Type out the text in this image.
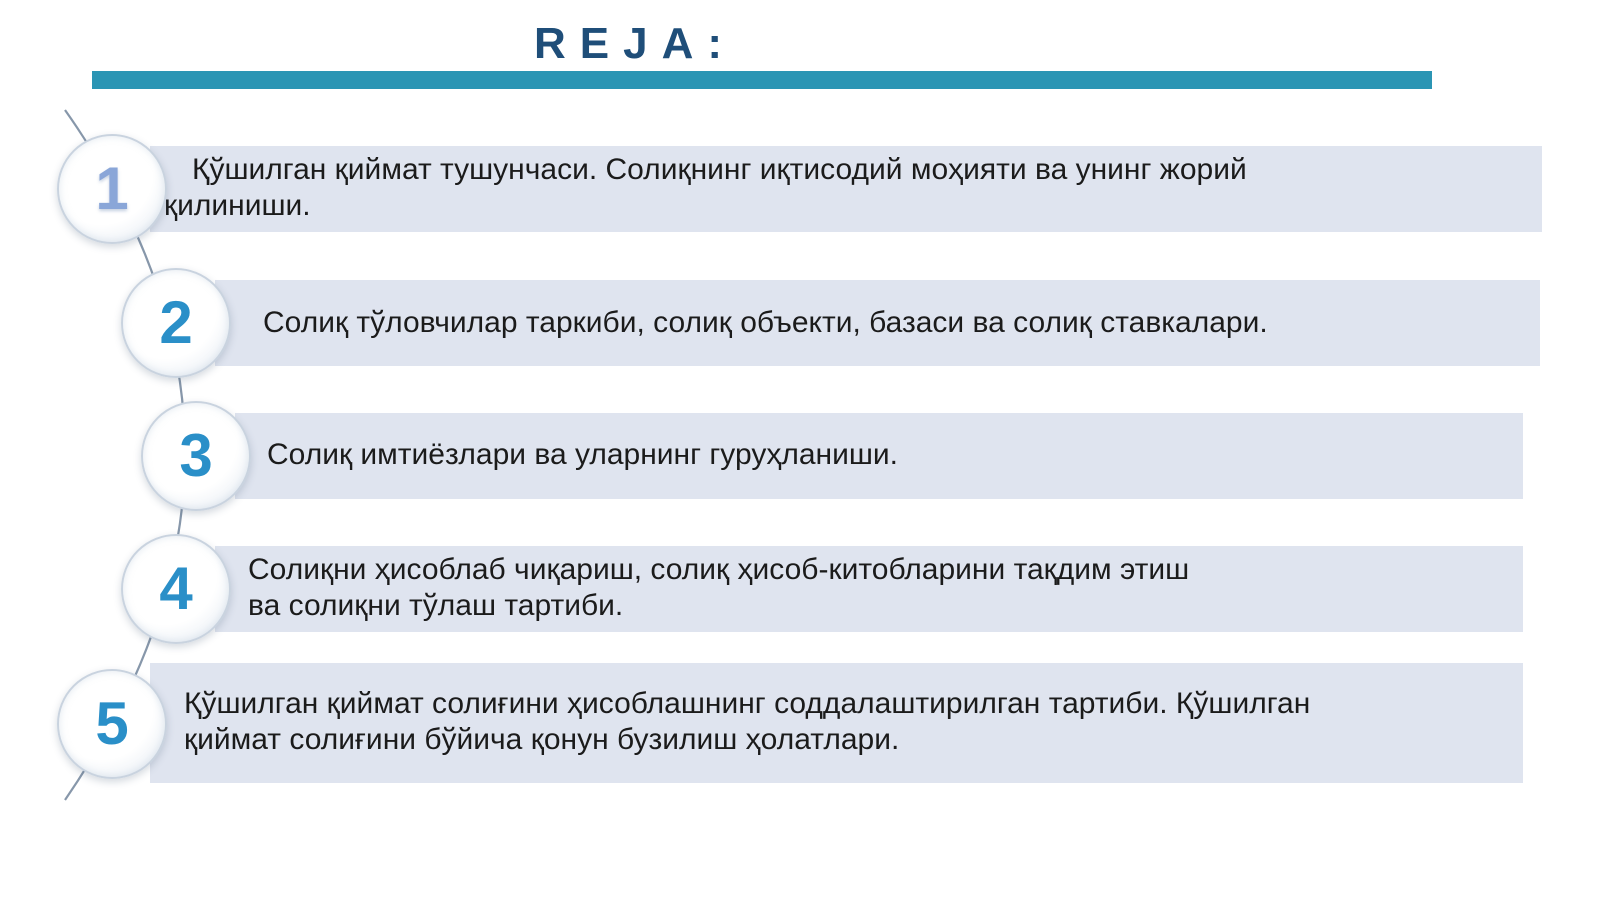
REJA:
Қўшилган қиймат тушунчаси. Солиқнинг иқтисодий моҳияти ва унинг жорий
қилиниши.
1
Солиқ тўловчилар таркиби, солиқ объекти, базаси ва солиқ ставкалари.
2
Солиқ имтиёзлари ва уларнинг гуруҳланиши.
3
Солиқни ҳисоблаб чиқариш, солиқ ҳисоб-китобларини тақдим этиш
ва солиқни тўлаш тартиби.
4
Қўшилган қиймат солиғини ҳисоблашнинг соддалаштирилган тартиби. Қўшилган
қиймат солиғини бўйича қонун бузилиш ҳолатлари.
5
